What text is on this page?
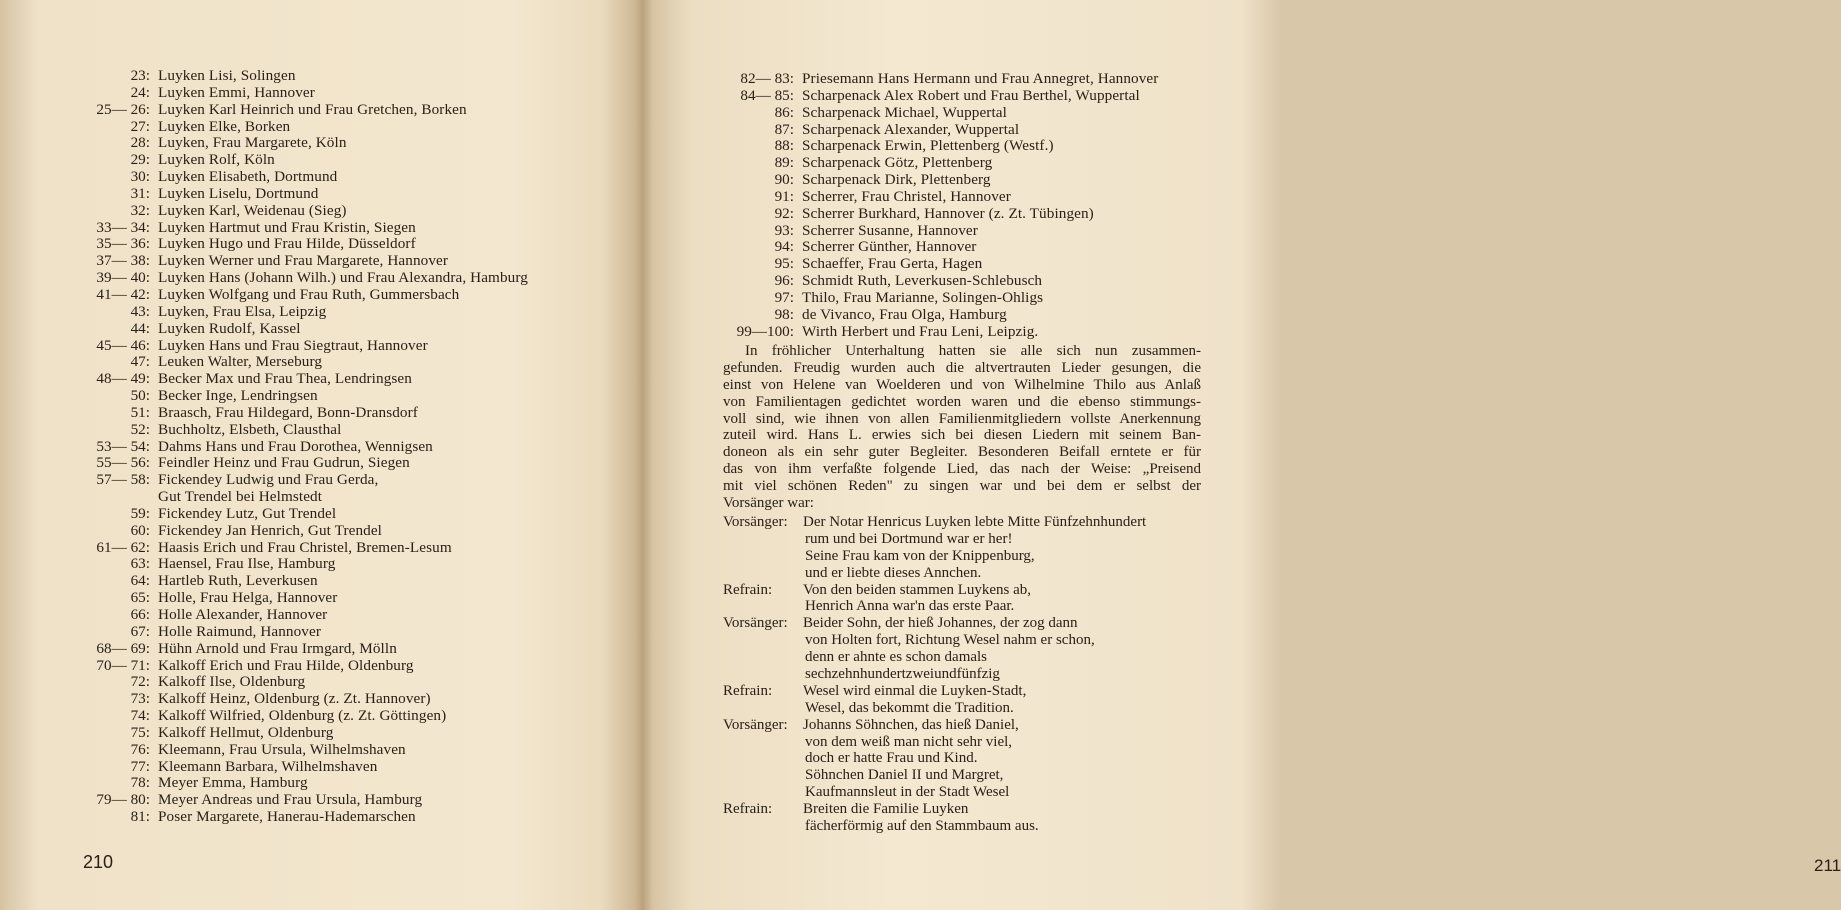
23: Luyken Lisi, Solingen
24: Luyken Emmi, Hannover
25— 26: Luyken Karl Heinrich und Frau Gretchen, Borken
27: Luyken Elke, Borken
28: Luyken, Frau Margarete, Köln
29: Luyken Rolf, Köln
30: Luyken Elisabeth, Dortmund
31: Luyken Liselu, Dortmund
32: Luyken Karl, Weidenau (Sieg)
33— 34: Luyken Hartmut und Frau Kristin, Siegen
35— 36: Luyken Hugo und Frau Hilde, Düsseldorf
37— 38: Luyken Werner und Frau Margarete, Hannover
39— 40: Luyken Hans (Johann Wilh.) und Frau Alexandra, Hamburg
41— 42: Luyken Wolfgang und Frau Ruth, Gummersbach
43: Luyken, Frau Elsa, Leipzig
44: Luyken Rudolf, Kassel
45— 46: Luyken Hans und Frau Siegtraut, Hannover
47: Leuken Walter, Merseburg
48— 49: Becker Max und Frau Thea, Lendringsen
50: Becker Inge, Lendringsen
51: Braasch, Frau Hildegard, Bonn-Dransdorf
52: Buchholtz, Elsbeth, Clausthal
53— 54: Dahms Hans und Frau Dorothea, Wennigsen
55— 56: Feindler Heinz und Frau Gudrun, Siegen
57— 58: Fickendey Ludwig und Frau Gerda,
Gut Trendel bei Helmstedt
59: Fickendey Lutz, Gut Trendel
60: Fickendey Jan Henrich, Gut Trendel
61— 62: Haasis Erich und Frau Christel, Bremen-Lesum
63: Haensel, Frau Ilse, Hamburg
64: Hartleb Ruth, Leverkusen
65: Holle, Frau Helga, Hannover
66: Holle Alexander, Hannover
67: Holle Raimund, Hannover
68— 69: Hühn Arnold und Frau Irmgard, Mölln
70— 71: Kalkoff Erich und Frau Hilde, Oldenburg
72: Kalkoff Ilse, Oldenburg
73: Kalkoff Heinz, Oldenburg (z. Zt. Hannover)
74: Kalkoff Wilfried, Oldenburg (z. Zt. Göttingen)
75: Kalkoff Hellmut, Oldenburg
76: Kleemann, Frau Ursula, Wilhelmshaven
77: Kleemann Barbara, Wilhelmshaven
78: Meyer Emma, Hamburg
79— 80: Meyer Andreas und Frau Ursula, Hamburg
81: Poser Margarete, Hanerau-Hademarschen
210
82— 83: Priesemann Hans Hermann und Frau Annegret, Hannover
84— 85: Scharpenack Alex Robert und Frau Berthel, Wuppertal
86: Scharpenack Michael, Wuppertal
87: Scharpenack Alexander, Wuppertal
88: Scharpenack Erwin, Plettenberg (Westf.)
89: Scharpenack Götz, Plettenberg
90: Scharpenack Dirk, Plettenberg
91: Scherrer, Frau Christel, Hannover
92: Scherrer Burkhard, Hannover (z. Zt. Tübingen)
93: Scherrer Susanne, Hannover
94: Scherrer Günther, Hannover
95: Schaeffer, Frau Gerta, Hagen
96: Schmidt Ruth, Leverkusen-Schlebusch
97: Thilo, Frau Marianne, Solingen-Ohligs
98: de Vivanco, Frau Olga, Hamburg
99—100: Wirth Herbert und Frau Leni, Leipzig.
211
In fröhlicher Unterhaltung hatten sie alle sich nun zusammen-
gefunden. Freudig wurden auch die altvertrauten Lieder gesungen, die
einst von Helene van Woelderen und von Wilhelmine Thilo aus Anlaß
von Familientagen gedichtet worden waren und die ebenso stimmungs-
voll sind, wie ihnen von allen Familienmitgliedern vollste Anerkennung
zuteil wird. Hans L. erwies sich bei diesen Liedern mit seinem Ban-
doneon als ein sehr guter Begleiter. Besonderen Beifall erntete er für
das von ihm verfaßte folgende Lied, das nach der Weise: „Preisend
mit viel schönen Reden" zu singen war und bei dem er selbst der
Vorsänger war:
Vorsänger:	Der Notar Henricus Luyken lebte Mitte Fünfzehnhundert
rum und bei Dortmund war er her!
Seine Frau kam von der Knippenburg,
und er liebte dieses Annchen.
Refrain:	Von den beiden stammen Luykens ab,
Henrich Anna war'n das erste Paar.
Vorsänger:	Beider Sohn, der hieß Johannes, der zog dann
von Holten fort, Richtung Wesel nahm er schon,
denn er ahnte es schon damals
sechzehnhundertzweiundfünfzig
Refrain:	Wesel wird einmal die Luyken-Stadt,
Wesel, das bekommt die Tradition.
Vorsänger:	Johanns Söhnchen, das hieß Daniel,
von dem weiß man nicht sehr viel,
doch er hatte Frau und Kind.
Söhnchen Daniel II und Margret,
Kaufmannsleut in der Stadt Wesel
Refrain:	Breiten die Familie Luyken
fächerförmig auf den Stammbaum aus.
